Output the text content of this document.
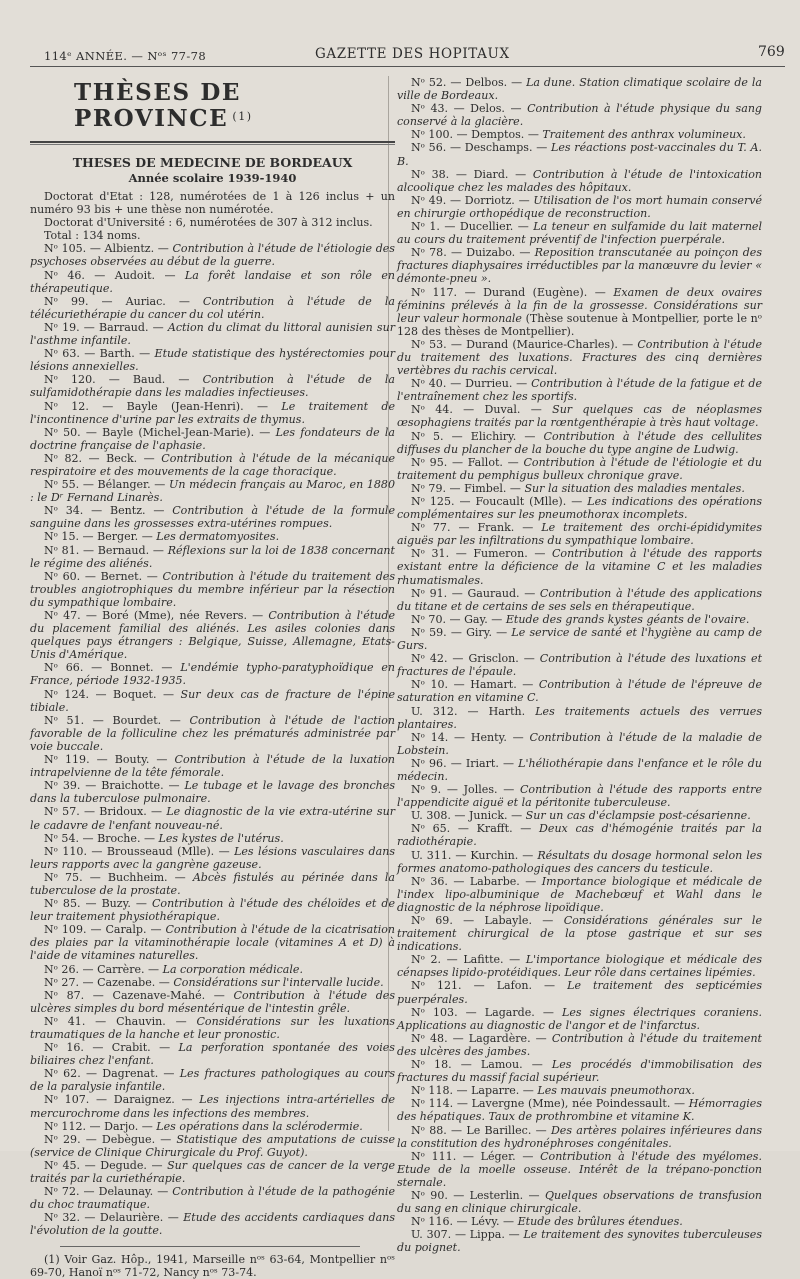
114ᵉ ANNÉE. — Nᵒˢ 77-78	GAZETTE DES HOPITAUX	769
THÈSES DE PROVINCE $^{(1)}$

THESES DE MEDECINE DE BORDEAUX

Année scolaire 1939-1940

Doctorat d'Etat : 128, numérotées de 1 à 126 inclus + un numéro 93 bis + une thèse non numérotée.

Doctorat d'Université : 6, numérotées de 307 à 312 inclus.

Total : 134 noms.

Nᵒ 105. — Albientz. — Contribution à l'étude de l'étiologie des psychoses observées au début de la guerre.

Nᵒ 46. — Audoit. — La forêt landaise et son rôle en thérapeutique.

Nᵒ 99. — Auriac. — Contribution à l'étude de la télécuriethérapie du cancer du col utérin.

Nᵒ 19. — Barraud. — Action du climat du littoral aunisien sur l'asthme infantile.

Nᵒ 63. — Barth. — Etude statistique des hystérectomies pour lésions annexielles.

Nᵒ 120. — Baud. — Contribution à l'étude de la sulfamidothérapie dans les maladies infectieuses.

Nᵒ 12. — Bayle (Jean-Henri). — Le traitement de l'incontinence d'urine par les extraits de thymus.

Nᵒ 50. — Bayle (Michel-Jean-Marie). — Les fondateurs de la doctrine française de l'aphasie.

Nᵒ 82. — Beck. — Contribution à l'étude de la mécanique respiratoire et des mouvements de la cage thoracique.

Nᵒ 55. — Bélanger. — Un médecin français au Maroc, en 1880 : le Dʳ Fernand Linarès.

Nᵒ 34. — Bentz. — Contribution à l'étude de la formule sanguine dans les grossesses extra-utérines rompues.

Nᵒ 15. — Berger. — Les dermatomyosites.

Nᵒ 81. — Bernaud. — Réflexions sur la loi de 1838 concernant le régime des aliénés.

Nᵒ 60. — Bernet. — Contribution à l'étude du traitement des troubles angiotrophiques du membre inférieur par la résection du sympathique lombaire.

Nᵒ 47. — Boré (Mme), née Revers. — Contribution à l'étude du placement familial des aliénés. Les asiles colonies dans quelques pays étrangers : Belgique, Suisse, Allemagne, Etats-Unis d'Amérique.

Nᵒ 66. — Bonnet. — L'endémie typho-paratyphoïdique en France, période 1932-1935.

Nᵒ 124. — Boquet. — Sur deux cas de fracture de l'épine tibiale.

Nᵒ 51. — Bourdet. — Contribution à l'étude de l'action favorable de la folliculine chez les prématurés administrée par voie buccale.

Nᵒ 119. — Bouty. — Contribution à l'étude de la luxation intrapelvienne de la tête fémorale.

Nᵒ 39. — Braichotte. — Le tubage et le lavage des bronches dans la tuberculose pulmonaire.

Nᵒ 57. — Bridoux. — Le diagnostic de la vie extra-utérine sur le cadavre de l'enfant nouveau-né.

Nᵒ 54. — Broche. — Les kystes de l'utérus.

Nᵒ 110. — Brousseaud (Mlle). — Les lésions vasculaires dans leurs rapports avec la gangrène gazeuse.

Nᵒ 75. — Buchheim. — Abcès fistulés au périnée dans la tuberculose de la prostate.

Nᵒ 85. — Buzy. — Contribution à l'étude des chéloïdes et de leur traitement physiothérapique.

Nᵒ 109. — Caralp. — Contribution à l'étude de la cicatrisation des plaies par la vitaminothérapie locale (vitamines A et D) à l'aide de vitamines naturelles.

Nᵒ 26. — Carrère. — La corporation médicale.

Nᵒ 27. — Cazenabe. — Considérations sur l'intervalle lucide.

Nᵒ 87. — Cazenave-Mahé. — Contribution à l'étude des ulcères simples du bord mésentérique de l'intestin grêle.

Nᵒ 41. — Chauvin. — Considérations sur les luxations traumatiques de la hanche et leur pronostic.

Nᵒ 16. — Crabit. — La perforation spontanée des voies biliaires chez l'enfant.

Nᵒ 62. — Dagrenat. — Les fractures pathologiques au cours de la paralysie infantile.

Nᵒ 107. — Daraignez. — Les injections intra-artérielles de mercurochrome dans les infections des membres.

Nᵒ 112. — Darjo. — Les opérations dans la sclérodermie.

Nᵒ 29. — Debègue. — Statistique des amputations de cuisse (service de Clinique Chirurgicale du Prof. Guyot).

Nᵒ 45. — Degude. — Sur quelques cas de cancer de la verge traités par la curiethérapie.

Nᵒ 72. — Delaunay. — Contribution à l'étude de la pathogénie du choc traumatique.

Nᵒ 32. — Delaurière. — Etude des accidents cardiaques dans l'évolution de la goutte.

(1) Voir Gaz. Hôp., 1941, Marseille nᵒˢ 63-64, Montpellier nᵒˢ 69-70, Hanoï nᵒˢ 71-72, Nancy nᵒˢ 73-74.

Nᵒ 52. — Delbos. — La dune. Station climatique scolaire de la ville de Bordeaux.

Nᵒ 43. — Delos. — Contribution à l'étude physique du sang conservé à la glacière.

Nᵒ 100. — Demptos. — Traitement des anthrax volumineux.

Nᵒ 56. — Deschamps. — Les réactions post-vaccinales du T. A. B.

Nᵒ 38. — Diard. — Contribution à l'étude de l'intoxication alcoolique chez les malades des hôpitaux.

Nᵒ 49. — Dorriotz. — Utilisation de l'os mort humain conservé en chirurgie orthopédique de reconstruction.

Nᵒ 1. — Ducellier. — La teneur en sulfamide du lait maternel au cours du traitement préventif de l'infection puerpérale.

Nᵒ 78. — Duizabo. — Reposition transcutanée au poinçon des fractures diaphysaires irréductibles par la manœuvre du levier « démonte-pneu ».

Nᵒ 117. — Durand (Eugène). — Examen de deux ovaires féminins prélevés à la fin de la grossesse. Considérations sur leur valeur hormonale (Thèse soutenue à Montpellier, porte le nᵒ 128 des thèses de Montpellier).

Nᵒ 53. — Durand (Maurice-Charles). — Contribution à l'étude du traitement des luxations. Fractures des cinq dernières vertèbres du rachis cervical.

Nᵒ 40. — Durrieu. — Contribution à l'étude de la fatigue et de l'entraînement chez les sportifs.

Nᵒ 44. — Duval. — Sur quelques cas de néoplasmes œsophagiens traités par la rœntgenthérapie à très haut voltage.

Nᵒ 5. — Elichiry. — Contribution à l'étude des cellulites diffuses du plancher de la bouche du type angine de Ludwig.

Nᵒ 95. — Fallot. — Contribution à l'étude de l'étiologie et du traitement du pemphigus bulleux chronique grave.

Nᵒ 79. — Fimbel. — Sur la situation des maladies mentales.

Nᵒ 125. — Foucault (Mlle). — Les indications des opérations complémentaires sur les pneumothorax incomplets.

Nᵒ 77. — Frank. — Le traitement des orchi-épididymites aiguës par les infiltrations du sympathique lombaire.

Nᵒ 31. — Fumeron. — Contribution à l'étude des rapports existant entre la déficience de la vitamine C et les maladies rhumatismales.

Nᵒ 91. — Gauraud. — Contribution à l'étude des applications du titane et de certains de ses sels en thérapeutique.

Nᵒ 70. — Gay. — Etude des grands kystes géants de l'ovaire.

Nᵒ 59. — Giry. — Le service de santé et l'hygiène au camp de Gurs.

Nᵒ 42. — Grisclon. — Contribution à l'étude des luxations et fractures de l'épaule.

Nᵒ 10. — Hamart. — Contribution à l'étude de l'épreuve de saturation en vitamine C.

U. 312. — Harth. Les traitements actuels des verrues plantaires.

Nᵒ 14. — Henty. — Contribution à l'étude de la maladie de Lobstein.

Nᵒ 96. — Iriart. — L'héliothérapie dans l'enfance et le rôle du médecin.

Nᵒ 9. — Jolles. — Contribution à l'étude des rapports entre l'appendicite aiguë et la péritonite tuberculeuse.

U. 308. — Junick. — Sur un cas d'éclampsie post-césarienne.

Nᵒ 65. — Krafft. — Deux cas d'hémogénie traités par la radiothérapie.

U. 311. — Kurchin. — Résultats du dosage hormonal selon les formes anatomo-pathologiques des cancers du testicule.

Nᵒ 36. — Labarbe. — Importance biologique et médicale de l'index lipo-albuminique de Machebœuf et Wahl dans le diagnostic de la néphrose lipoïdique.

Nᵒ 69. — Labayle. — Considérations générales sur le traitement chirurgical de la ptose gastrique et sur ses indications.

Nᵒ 2. — Lafitte. — L'importance biologique et médicale des cénapses lipido-protéidiques. Leur rôle dans certaines lipémies.

Nᵒ 121. — Lafon. — Le traitement des septicémies puerpérales.

Nᵒ 103. — Lagarde. — Les signes électriques coraniens. Applications au diagnostic de l'angor et de l'infarctus.

Nᵒ 48. — Lagardère. — Contribution à l'étude du traitement des ulcères des jambes.

Nᵒ 18. — Lamou. — Les procédés d'immobilisation des fractures du massif facial supérieur.

Nᵒ 118. — Laparre. — Les mauvais pneumothorax.

Nᵒ 114. — Lavergne (Mme), née Poindessault. — Hémorragies des hépatiques. Taux de prothrombine et vitamine K.

Nᵒ 88. — Le Barillec. — Des artères polaires inférieures dans la constitution des hydronéphroses congénitales.

Nᵒ 111. — Léger. — Contribution à l'étude des myélomes. Etude de la moelle osseuse. Intérêt de la trépano-ponction sternale.

Nᵒ 90. — Lesterlin. — Quelques observations de transfusion du sang en clinique chirurgicale.

Nᵒ 116. — Lévy. — Etude des brûlures étendues.

U. 307. — Lippa. — Le traitement des synovites tuberculeuses du poignet.
